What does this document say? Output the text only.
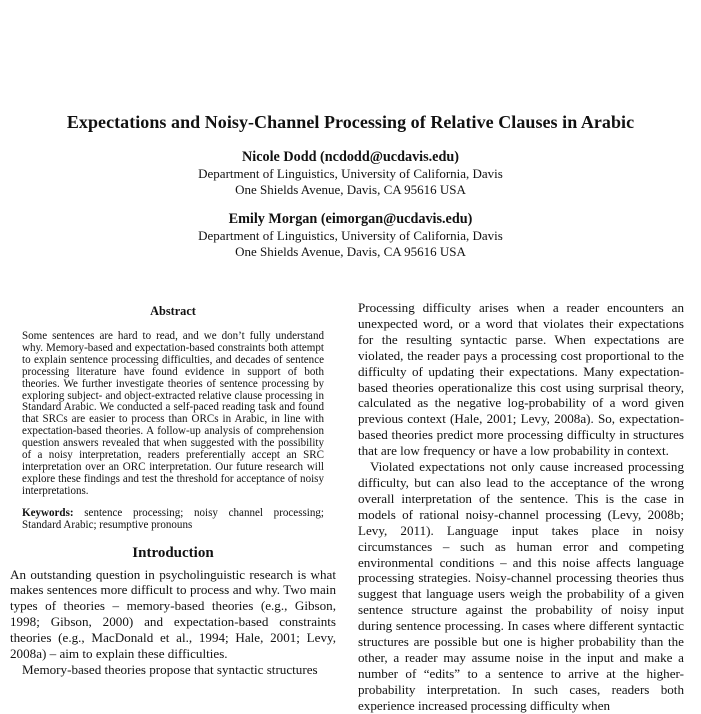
Expectations and Noisy-Channel Processing of Relative Clauses in Arabic
Nicole Dodd (ncdodd@ucdavis.edu)
Department of Linguistics, University of California, Davis
One Shields Avenue, Davis, CA 95616 USA
Emily Morgan (eimorgan@ucdavis.edu)
Department of Linguistics, University of California, Davis
One Shields Avenue, Davis, CA 95616 USA
Abstract

Some sentences are hard to read, and we don’t fully understand why. Memory-based and expectation-based constraints both attempt to explain sentence processing difficulties, and decades of sentence processing literature have found evidence in support of both theories. We further investigate theories of sentence processing by exploring subject- and object-extracted relative clause processing in Standard Arabic. We conducted a self-paced reading task and found that SRCs are easier to process than ORCs in Arabic, in line with expectation-based theories. A follow-up analysis of comprehension question answers revealed that when suggested with the possibility of a noisy interpretation, readers preferentially accept an SRC interpretation over an ORC interpretation. Our future research will explore these findings and test the threshold for acceptance of noisy interpretations.

Keywords: sentence processing; noisy channel processing; Standard Arabic; resumptive pronouns

Introduction

An outstanding question in psycholinguistic research is what makes sentences more difficult to process and why. Two main types of theories – memory-based theories (e.g., Gibson, 1998; Gibson, 2000) and expectation-based constraints theories (e.g., MacDonald et al., 1994; Hale, 2001; Levy, 2008a) – aim to explain these difficulties.

Memory-based theories propose that syntactic structures

Processing difficulty arises when a reader encounters an unexpected word, or a word that violates their expectations for the resulting syntactic parse. When expectations are violated, the reader pays a processing cost proportional to the difficulty of updating their expectations. Many expectation-based theories operationalize this cost using surprisal theory, calculated as the negative log-probability of a word given previous context (Hale, 2001; Levy, 2008a). So, expectation-based theories predict more processing difficulty in structures that are low frequency or have a low probability in context.

Violated expectations not only cause increased processing difficulty, but can also lead to the acceptance of the wrong overall interpretation of the sentence. This is the case in models of rational noisy-channel processing (Levy, 2008b; Levy, 2011). Language input takes place in noisy circumstances – such as human error and competing environmental conditions – and this noise affects language processing strategies. Noisy-channel processing theories thus suggest that language users weigh the probability of a given sentence structure against the probability of noisy input during sentence processing. In cases where different syntactic structures are possible but one is higher probability than the other, a reader may assume noise in the input and make a number of “edits” to a sentence to arrive at the higher-probability interpretation. In such cases, readers both experience increased processing difficulty when
